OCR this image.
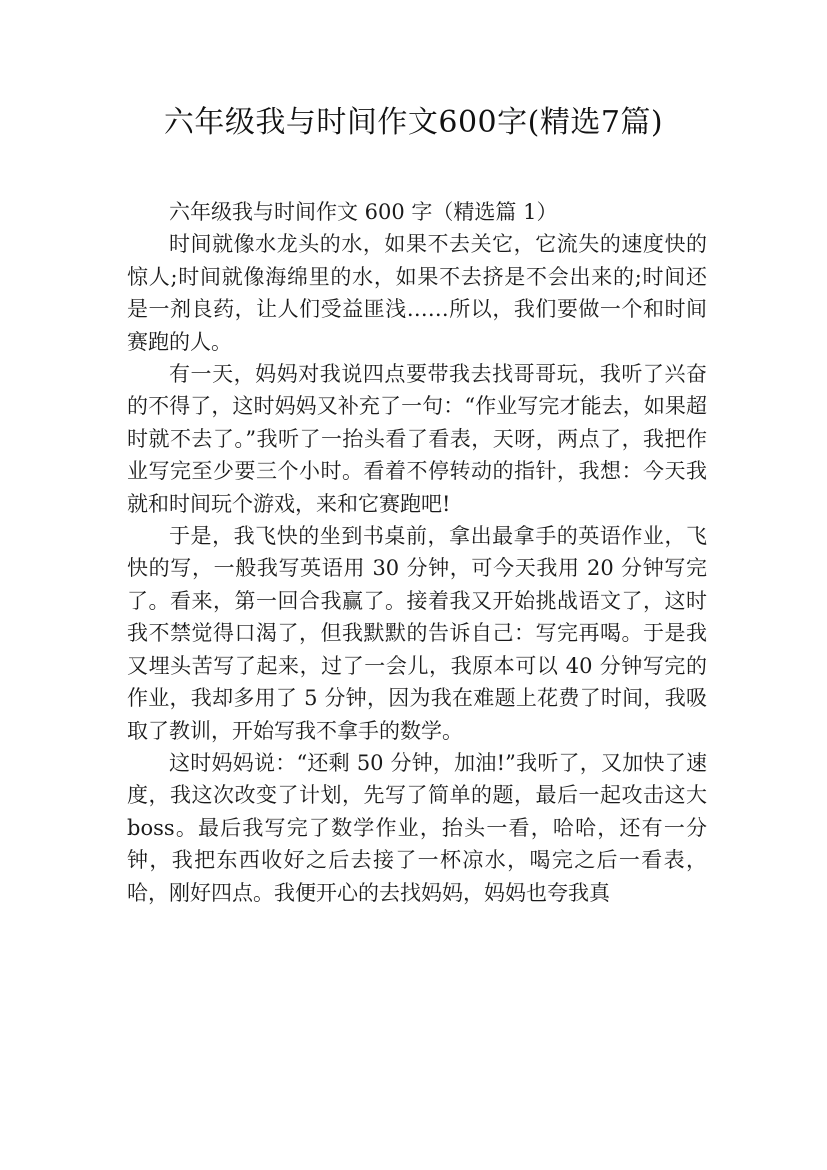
六年级我与时间作文600字(精选7篇)

六年级我与时间作文 600 字（精选篇 1）

时间就像水龙头的水，如果不去关它，它流失的速度快的惊人;时间就像海绵里的水，如果不去挤是不会出来的;时间还是一剂良药，让人们受益匪浅……所以，我们要做一个和时间赛跑的人。

有一天，妈妈对我说四点要带我去找哥哥玩，我听了兴奋的不得了，这时妈妈又补充了一句：“作业写完才能去，如果超时就不去了。”我听了一抬头看了看表，天呀，两点了，我把作业写完至少要三个小时。看着不停转动的指针，我想：今天我就和时间玩个游戏，来和它赛跑吧!

于是，我飞快的坐到书桌前，拿出最拿手的英语作业，飞快的写，一般我写英语用 30 分钟，可今天我用 20 分钟写完了。看来，第一回合我赢了。接着我又开始挑战语文了，这时我不禁觉得口渴了，但我默默的告诉自己：写完再喝。于是我又埋头苦写了起来，过了一会儿，我原本可以 40 分钟写完的作业，我却多用了 5 分钟，因为我在难题上花费了时间，我吸取了教训，开始写我不拿手的数学。

这时妈妈说：“还剩 50 分钟，加油!”我听了，又加快了速度，我这次改变了计划，先写了简单的题，最后一起攻击这大 boss。最后我写完了数学作业，抬头一看，哈哈，还有一分钟，我把东西收好之后去接了一杯凉水，喝完之后一看表，哈，刚好四点。我便开心的去找妈妈，妈妈也夸我真
